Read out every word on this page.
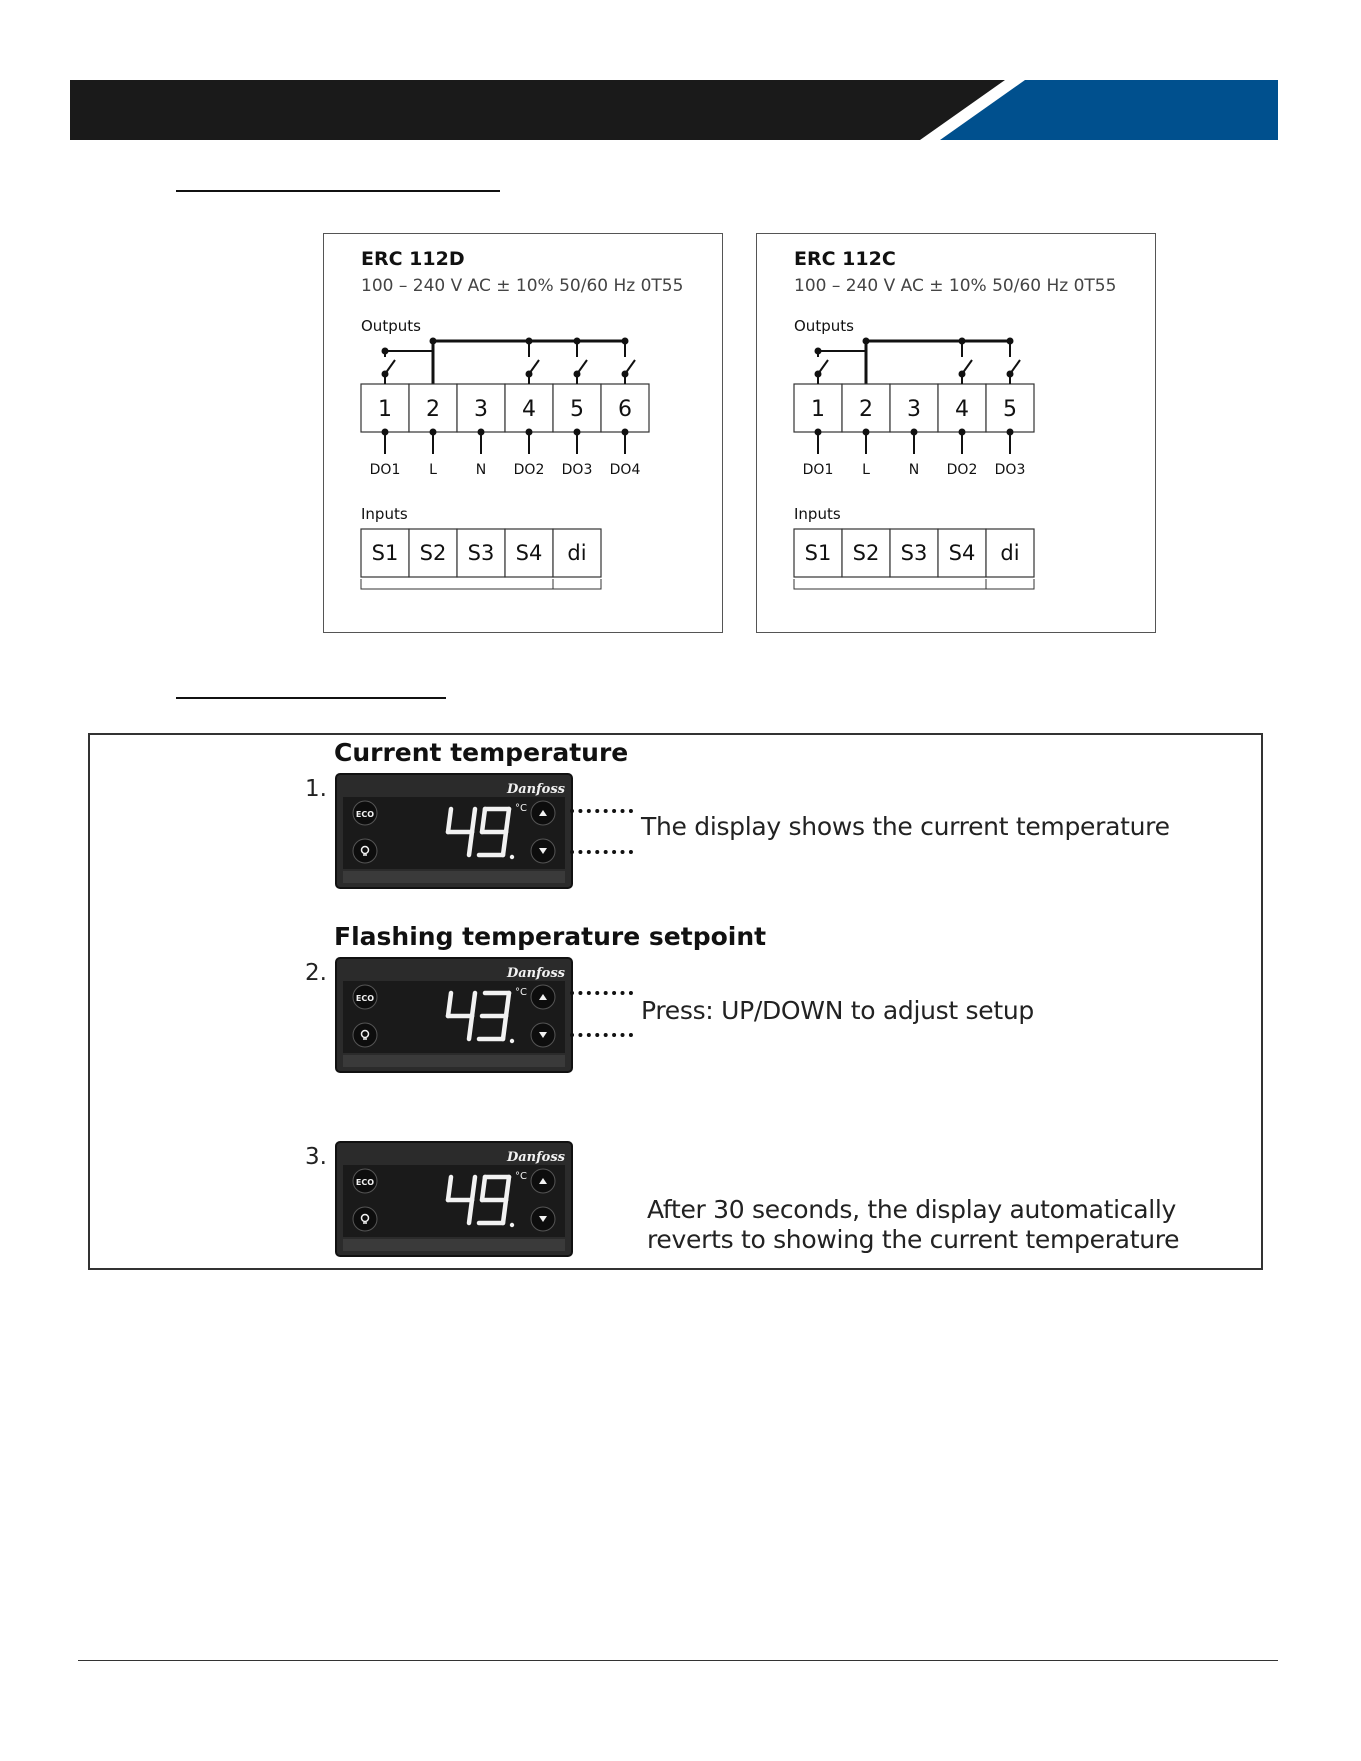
ERC 112D
100 – 240 V AC ± 10% 50/60 Hz 0T55
Outputs
1
DO1
2
L
3
N
4
DO2
5
DO3
6
DO4
Inputs
S1 S2 S3 S4 di
ERC 112C
100 – 240 V AC ± 10% 50/60 Hz 0T55
Outputs
1
DO1
2
L
3
N
4
DO2
5
DO3
Inputs
S1 S2 S3 S4 di
Current temperature
1.	Danfoss
ECO
°C
The display shows the current temperature
Flashing temperature setpoint
2.	Danfoss
ECO
°C
Press: UP/DOWN to adjust setup
3.	Danfoss
ECO
°C
After 30 seconds, the display automatically
reverts to showing the current temperature
